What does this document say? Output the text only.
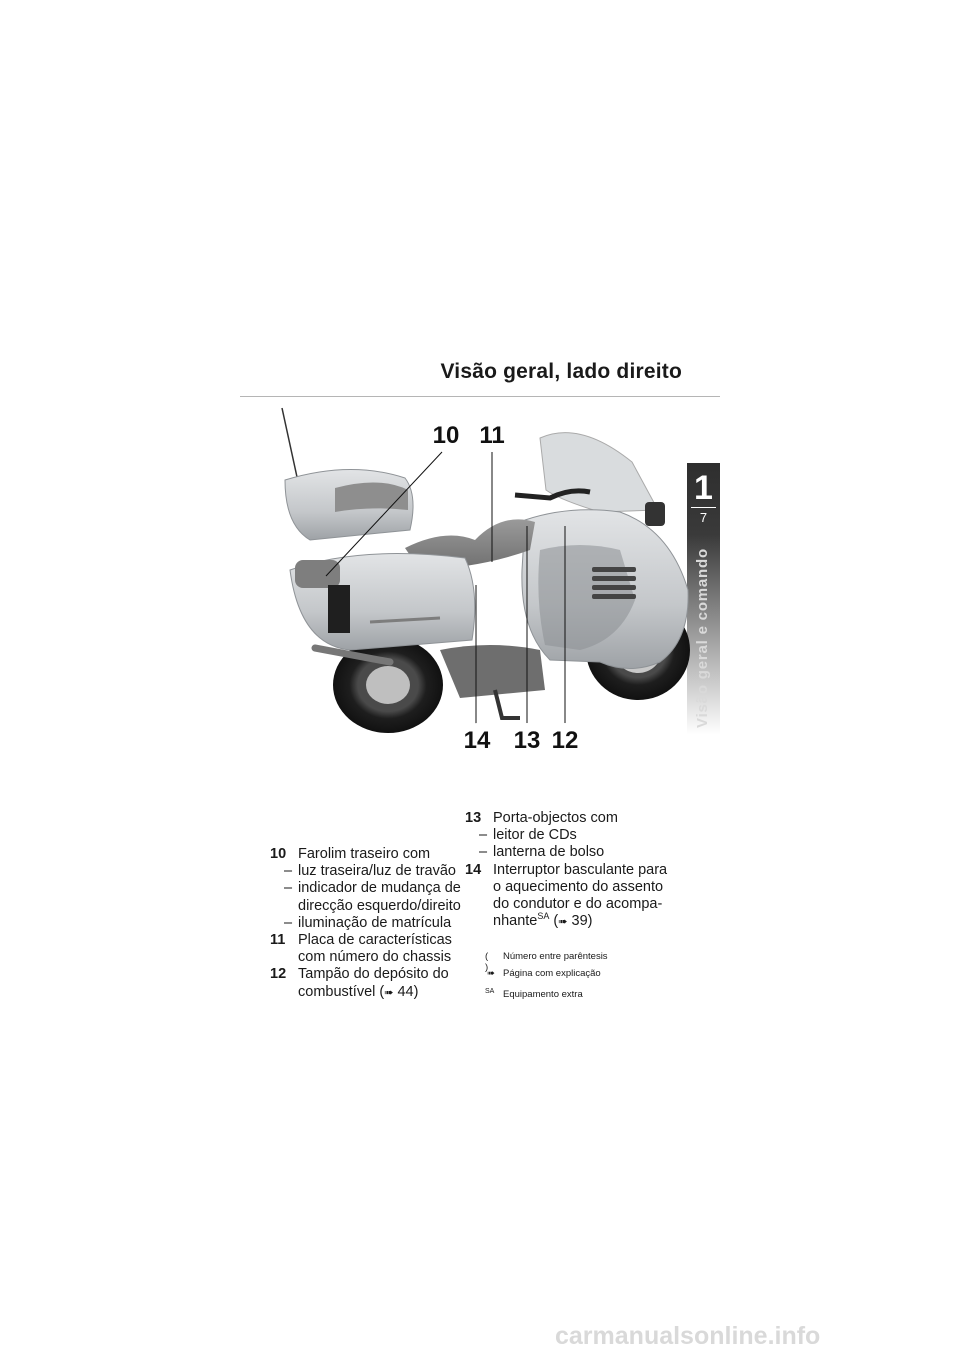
Visão geral, lado direito
1
7
Visão geral e comando
10 11
12
13
14
10 Farolim traseiro com
– luz traseira/luz de travão
– indicador de mudança de
direcção esquerdo/direito
– iluminação de matrícula
11 Placa de características
com número do chassis
12 Tampão do depósito do
combustível (➠ 44)
13 Porta-objectos com
– leitor de CDs
– lanterna de bolso
14 Interruptor basculante para
o aquecimento do assento
do condutor e do acompa-
nhante$^{SA}$ (➠ 39)
( )
Número entre parêntesis
➠ Página com explicação
SA Equipamento extra
carmanualsonline.info
